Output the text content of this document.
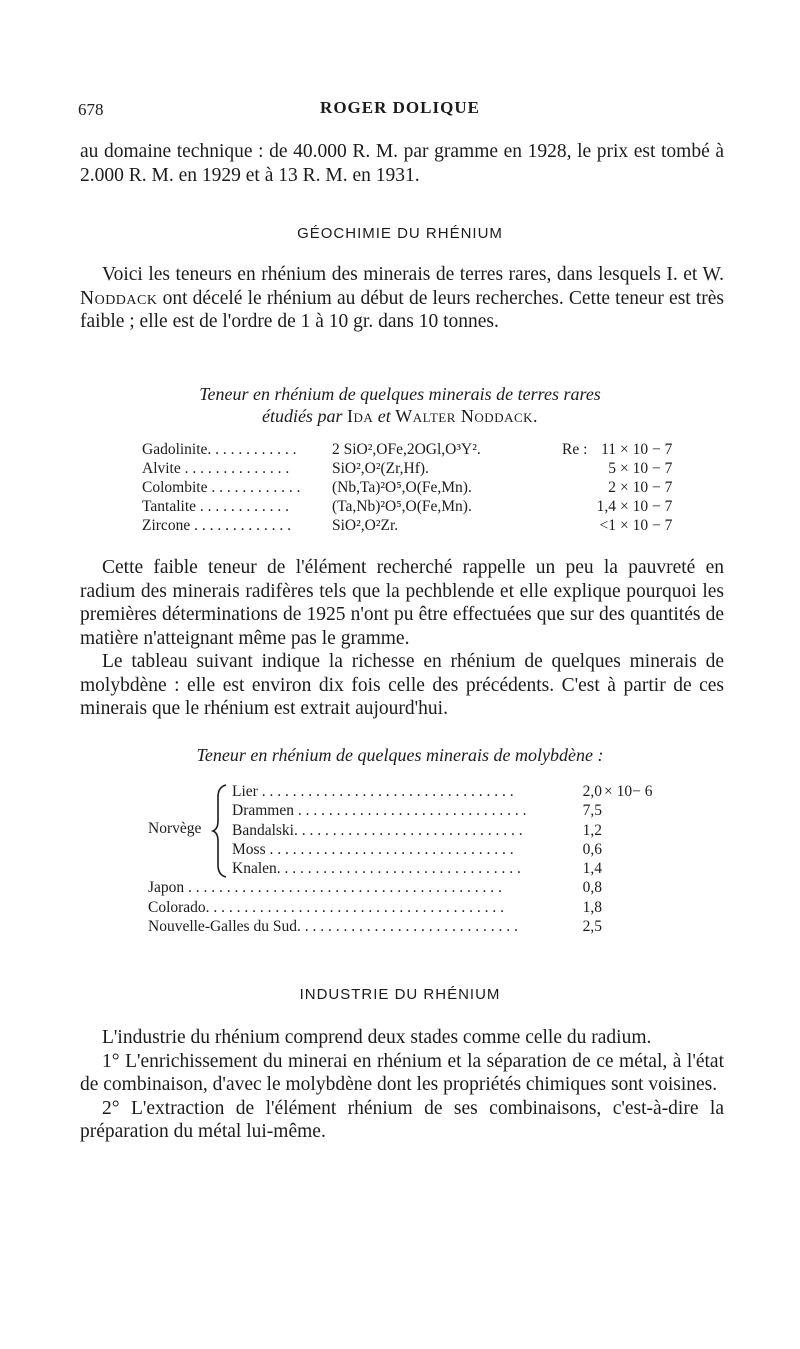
678	ROGER DOLIQUE

au domaine technique : de 40.000 R. M. par gramme en 1928, le prix est tombé à 2.000 R. M. en 1929 et à 13 R. M. en 1931.

GÉOCHIMIE DU RHÉNIUM

Voici les teneurs en rhénium des minerais de terres rares, dans lesquels I. et W. Noddack ont décelé le rhénium au début de leurs recherches. Cette teneur est très faible ; elle est de l'ordre de 1 à 10 gr. dans 10 tonnes.

Teneur en rhénium de quelques minerais de terres rares
étudiés par Ida et Walter Noddack.
Gadolinite. . . . . . . . . . . .	2 SiO²,OFe,2OGl,O³Y².	Re : 11 × 10 − 7
Alvite . . . . . . . . . . . . . .	SiO²,O²(Zr,Hf).	5 × 10 − 7
Colombite . . . . . . . . . . . .	(Nb,Ta)²O⁵,O(Fe,Mn).	2 × 10 − 7
Tantalite . . . . . . . . . . . .	(Ta,Nb)²O⁵,O(Fe,Mn).	1,4 × 10 − 7
Zircone . . . . . . . . . . . . .	SiO²,O²Zr.	<1 × 10 − 7

Cette faible teneur de l'élément recherché rappelle un peu la pauvreté en radium des minerais radifères tels que la pechblende et elle explique pourquoi les premières déterminations de 1925 n'ont pu être effectuées que sur des quantités de matière n'atteignant même pas le gramme.

Le tableau suivant indique la richesse en rhénium de quelques minerais de molybdène : elle est environ dix fois celle des précédents. C'est à partir de ces minerais que le rhénium est extrait aujourd'hui.

Teneur en rhénium de quelques minerais de molybdène :
Norvège
Lier . . . . . . . . . . . . . . . . . . . . . . . . . . . . . . . . .	2,0 × 10− 6
Drammen . . . . . . . . . . . . . . . . . . . . . . . . . . . . . .	7,5
Bandalski. . . . . . . . . . . . . . . . . . . . . . . . . . . . . .	1,2
Moss . . . . . . . . . . . . . . . . . . . . . . . . . . . . . . . .	0,6
Knalen. . . . . . . . . . . . . . . . . . . . . . . . . . . . . . . .	1,4
Japon . . . . . . . . . . . . . . . . . . . . . . . . . . . . . . . . . . . . . . . . .	0,8
Colorado. . . . . . . . . . . . . . . . . . . . . . . . . . . . . . . . . . . . . . .	1,8
Nouvelle-Galles du Sud. . . . . . . . . . . . . . . . . . . . . . . . . . . . .	2,5
INDUSTRIE DU RHÉNIUM

L'industrie du rhénium comprend deux stades comme celle du radium.

1° L'enrichissement du minerai en rhénium et la séparation de ce métal, à l'état de combinaison, d'avec le molybdène dont les propriétés chimiques sont voisines.

2° L'extraction de l'élément rhénium de ses combinaisons, c'est-à-dire la préparation du métal lui-même.
